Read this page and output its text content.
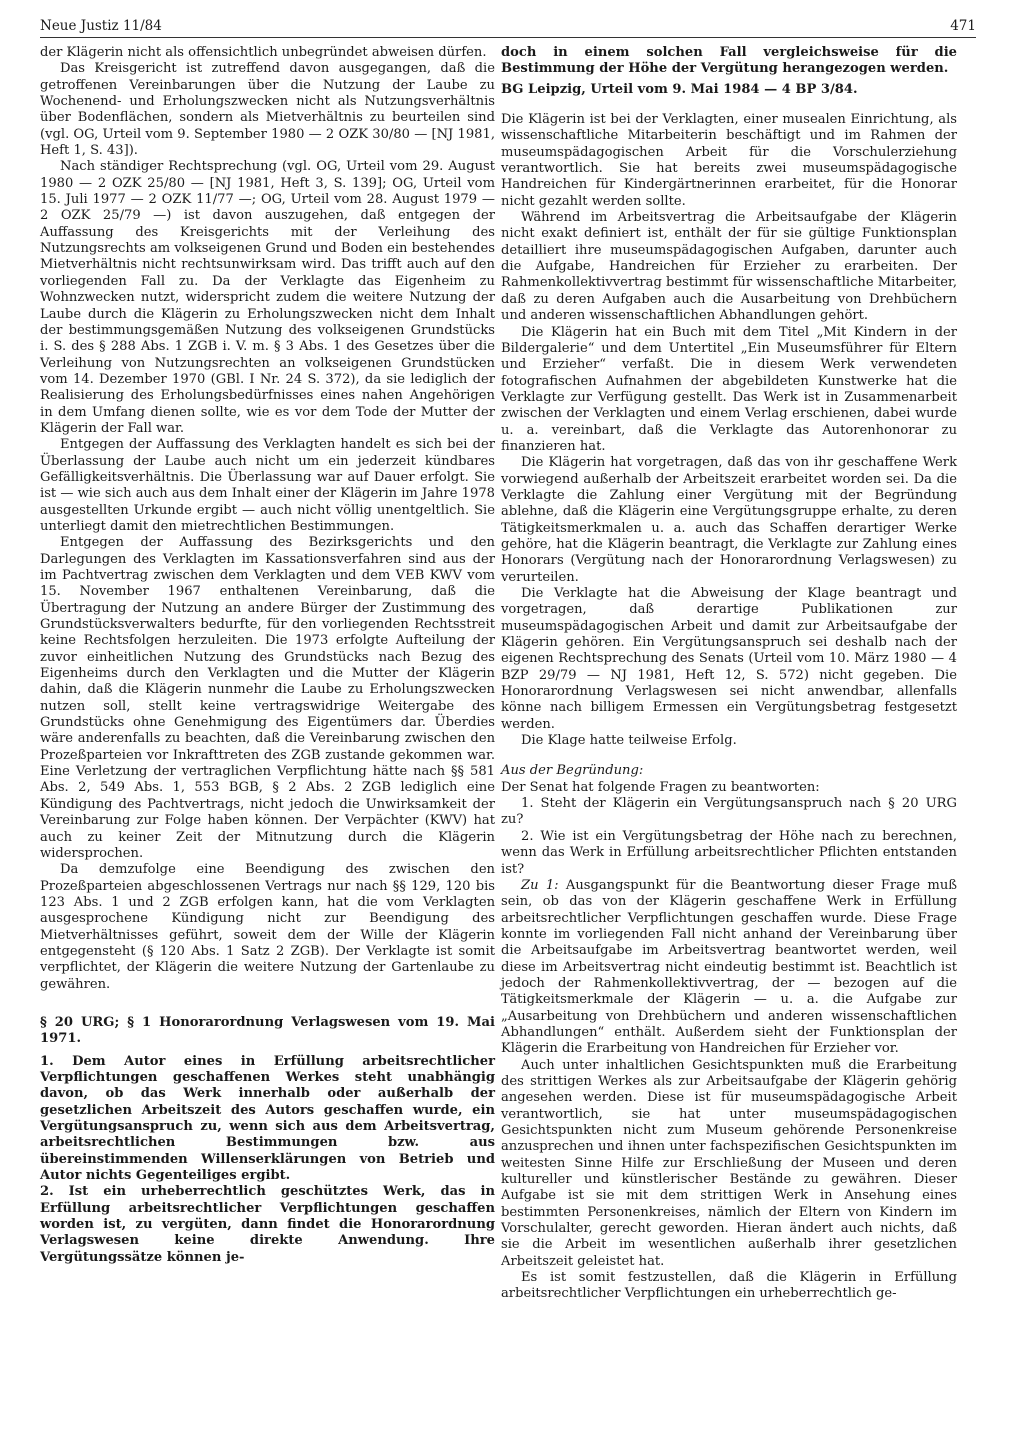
Neue Justiz 11/84	471

der Klägerin nicht als offensichtlich unbegründet abweisen dürfen.

Das Kreisgericht ist zutreffend davon ausgegangen, daß die getroffenen Vereinbarungen über die Nutzung der Laube zu Wochenend- und Erholungszwecken nicht als Nutzungsverhältnis über Bodenflächen, sondern als Mietverhältnis zu beurteilen sind (vgl. OG, Urteil vom 9. September 1980 — 2 OZK 30/80 — [NJ 1981, Heft 1, S. 43]).

Nach ständiger Rechtsprechung (vgl. OG, Urteil vom 29. August 1980 — 2 OZK 25/80 — [NJ 1981, Heft 3, S. 139]; OG, Urteil vom 15. Juli 1977 — 2 OZK 11/77 —; OG, Urteil vom 28. August 1979 — 2 OZK 25/79 —) ist davon auszugehen, daß entgegen der Auffassung des Kreisgerichts mit der Verleihung des Nutzungsrechts am volkseigenen Grund und Boden ein bestehendes Mietverhältnis nicht rechtsunwirksam wird. Das trifft auch auf den vorliegenden Fall zu. Da der Verklagte das Eigenheim zu Wohnzwecken nutzt, widerspricht zudem die weitere Nutzung der Laube durch die Klägerin zu Erholungszwecken nicht dem Inhalt der bestimmungsgemäßen Nutzung des volkseigenen Grundstücks i. S. des § 288 Abs. 1 ZGB i. V. m. § 3 Abs. 1 des Gesetzes über die Verleihung von Nutzungsrechten an volkseigenen Grundstücken vom 14. Dezember 1970 (GBl. I Nr. 24 S. 372), da sie lediglich der Realisierung des Erholungsbedürfnisses eines nahen Angehörigen in dem Umfang dienen sollte, wie es vor dem Tode der Mutter der Klägerin der Fall war.

Entgegen der Auffassung des Verklagten handelt es sich bei der Überlassung der Laube auch nicht um ein jederzeit kündbares Gefälligkeitsverhältnis. Die Überlassung war auf Dauer erfolgt. Sie ist — wie sich auch aus dem Inhalt einer der Klägerin im Jahre 1978 ausgestellten Urkunde ergibt — auch nicht völlig unentgeltlich. Sie unterliegt damit den mietrechtlichen Bestimmungen.

Entgegen der Auffassung des Bezirksgerichts und den Darlegungen des Verklagten im Kassationsverfahren sind aus der im Pachtvertrag zwischen dem Verklagten und dem VEB KWV vom 15. November 1967 enthaltenen Vereinbarung, daß die Übertragung der Nutzung an andere Bürger der Zustimmung des Grundstücksverwalters bedurfte, für den vorliegenden Rechtsstreit keine Rechtsfolgen herzuleiten. Die 1973 erfolgte Aufteilung der zuvor einheitlichen Nutzung des Grundstücks nach Bezug des Eigenheims durch den Verklagten und die Mutter der Klägerin dahin, daß die Klägerin nunmehr die Laube zu Erholungszwecken nutzen soll, stellt keine vertragswidrige Weitergabe des Grundstücks ohne Genehmigung des Eigentümers dar. Überdies wäre anderenfalls zu beachten, daß die Vereinbarung zwischen den Prozeßparteien vor Inkrafttreten des ZGB zustande gekommen war. Eine Verletzung der vertraglichen Verpflichtung hätte nach §§ 581 Abs. 2, 549 Abs. 1, 553 BGB, § 2 Abs. 2 ZGB lediglich eine Kündigung des Pachtvertrags, nicht jedoch die Unwirksamkeit der Vereinbarung zur Folge haben können. Der Verpächter (KWV) hat auch zu keiner Zeit der Mitnutzung durch die Klägerin widersprochen.

Da demzufolge eine Beendigung des zwischen den Prozeßparteien abgeschlossenen Vertrags nur nach §§ 129, 120 bis 123 Abs. 1 und 2 ZGB erfolgen kann, hat die vom Verklagten ausgesprochene Kündigung nicht zur Beendigung des Mietverhältnisses geführt, soweit dem der Wille der Klägerin entgegensteht (§ 120 Abs. 1 Satz 2 ZGB). Der Verklagte ist somit verpflichtet, der Klägerin die weitere Nutzung der Gartenlaube zu gewähren.

§ 20 URG; § 1 Honorarordnung Verlagswesen vom 19. Mai 1971.

1. Dem Autor eines in Erfüllung arbeitsrechtlicher Verpflichtungen geschaffenen Werkes steht unabhängig davon, ob das Werk innerhalb oder außerhalb der gesetzlichen Arbeitszeit des Autors geschaffen wurde, ein Vergütungsanspruch zu, wenn sich aus dem Arbeitsvertrag, arbeitsrechtlichen Bestimmungen bzw. aus übereinstimmenden Willenserklärungen von Betrieb und Autor nichts Gegenteiliges ergibt.

2. Ist ein urheberrechtlich geschütztes Werk, das in Erfüllung arbeitsrechtlicher Verpflichtungen geschaffen worden ist, zu vergüten, dann findet die Honorarordnung Verlagswesen keine direkte Anwendung. Ihre Vergütungssätze können je-

doch in einem solchen Fall vergleichsweise für die Bestimmung der Höhe der Vergütung herangezogen werden.

BG Leipzig, Urteil vom 9. Mai 1984 — 4 BP 3/84.

Die Klägerin ist bei der Verklagten, einer musealen Einrichtung, als wissenschaftliche Mitarbeiterin beschäftigt und im Rahmen der museumspädagogischen Arbeit für die Vorschulerziehung verantwortlich. Sie hat bereits zwei museumspädagogische Handreichen für Kindergärtnerinnen erarbeitet, für die Honorar nicht gezahlt werden sollte.

Während im Arbeitsvertrag die Arbeitsaufgabe der Klägerin nicht exakt definiert ist, enthält der für sie gültige Funktionsplan detailliert ihre museumspädagogischen Aufgaben, darunter auch die Aufgabe, Handreichen für Erzieher zu erarbeiten. Der Rahmenkollektivvertrag bestimmt für wissenschaftliche Mitarbeiter, daß zu deren Aufgaben auch die Ausarbeitung von Drehbüchern und anderen wissenschaftlichen Abhandlungen gehört.

Die Klägerin hat ein Buch mit dem Titel „Mit Kindern in der Bildergalerie“ und dem Untertitel „Ein Museumsführer für Eltern und Erzieher“ verfaßt. Die in diesem Werk verwendeten fotografischen Aufnahmen der abgebildeten Kunstwerke hat die Verklagte zur Verfügung gestellt. Das Werk ist in Zusammenarbeit zwischen der Verklagten und einem Verlag erschienen, dabei wurde u. a. vereinbart, daß die Verklagte das Autorenhonorar zu finanzieren hat.

Die Klägerin hat vorgetragen, daß das von ihr geschaffene Werk vorwiegend außerhalb der Arbeitszeit erarbeitet worden sei. Da die Verklagte die Zahlung einer Vergütung mit der Begründung ablehne, daß die Klägerin eine Vergütungsgruppe erhalte, zu deren Tätigkeitsmerkmalen u. a. auch das Schaffen derartiger Werke gehöre, hat die Klägerin beantragt, die Verklagte zur Zahlung eines Honorars (Vergütung nach der Honorarordnung Verlagswesen) zu verurteilen.

Die Verklagte hat die Abweisung der Klage beantragt und vorgetragen, daß derartige Publikationen zur museumspädagogischen Arbeit und damit zur Arbeitsaufgabe der Klägerin gehören. Ein Vergütungsanspruch sei deshalb nach der eigenen Rechtsprechung des Senats (Urteil vom 10. März 1980 — 4 BZP 29/79 — NJ 1981, Heft 12, S. 572) nicht gegeben. Die Honorarordnung Verlagswesen sei nicht anwendbar, allenfalls könne nach billigem Ermessen ein Vergütungsbetrag festgesetzt werden.

Die Klage hatte teilweise Erfolg.

Aus der Begründung:

Der Senat hat folgende Fragen zu beantworten:

1. Steht der Klägerin ein Vergütungsanspruch nach § 20 URG zu?

2. Wie ist ein Vergütungsbetrag der Höhe nach zu berechnen, wenn das Werk in Erfüllung arbeitsrechtlicher Pflichten entstanden ist?

Zu 1: Ausgangspunkt für die Beantwortung dieser Frage muß sein, ob das von der Klägerin geschaffene Werk in Erfüllung arbeitsrechtlicher Verpflichtungen geschaffen wurde. Diese Frage konnte im vorliegenden Fall nicht anhand der Vereinbarung über die Arbeitsaufgabe im Arbeitsvertrag beantwortet werden, weil diese im Arbeitsvertrag nicht eindeutig bestimmt ist. Beachtlich ist jedoch der Rahmenkollektivvertrag, der — bezogen auf die Tätigkeitsmerkmale der Klägerin — u. a. die Aufgabe zur „Ausarbeitung von Drehbüchern und anderen wissenschaftlichen Abhandlungen“ enthält. Außerdem sieht der Funktionsplan der Klägerin die Erarbeitung von Handreichen für Erzieher vor.

Auch unter inhaltlichen Gesichtspunkten muß die Erarbeitung des strittigen Werkes als zur Arbeitsaufgabe der Klägerin gehörig angesehen werden. Diese ist für museumspädagogische Arbeit verantwortlich, sie hat unter museumspädagogischen Gesichtspunkten nicht zum Museum gehörende Personenkreise anzusprechen und ihnen unter fachspezifischen Gesichtspunkten im weitesten Sinne Hilfe zur Erschließung der Museen und deren kultureller und künstlerischer Bestände zu gewähren. Dieser Aufgabe ist sie mit dem strittigen Werk in Ansehung eines bestimmten Personenkreises, nämlich der Eltern von Kindern im Vorschulalter, gerecht geworden. Hieran ändert auch nichts, daß sie die Arbeit im wesentlichen außerhalb ihrer gesetzlichen Arbeitszeit geleistet hat.

Es ist somit festzustellen, daß die Klägerin in Erfüllung arbeitsrechtlicher Verpflichtungen ein urheberrechtlich ge-
